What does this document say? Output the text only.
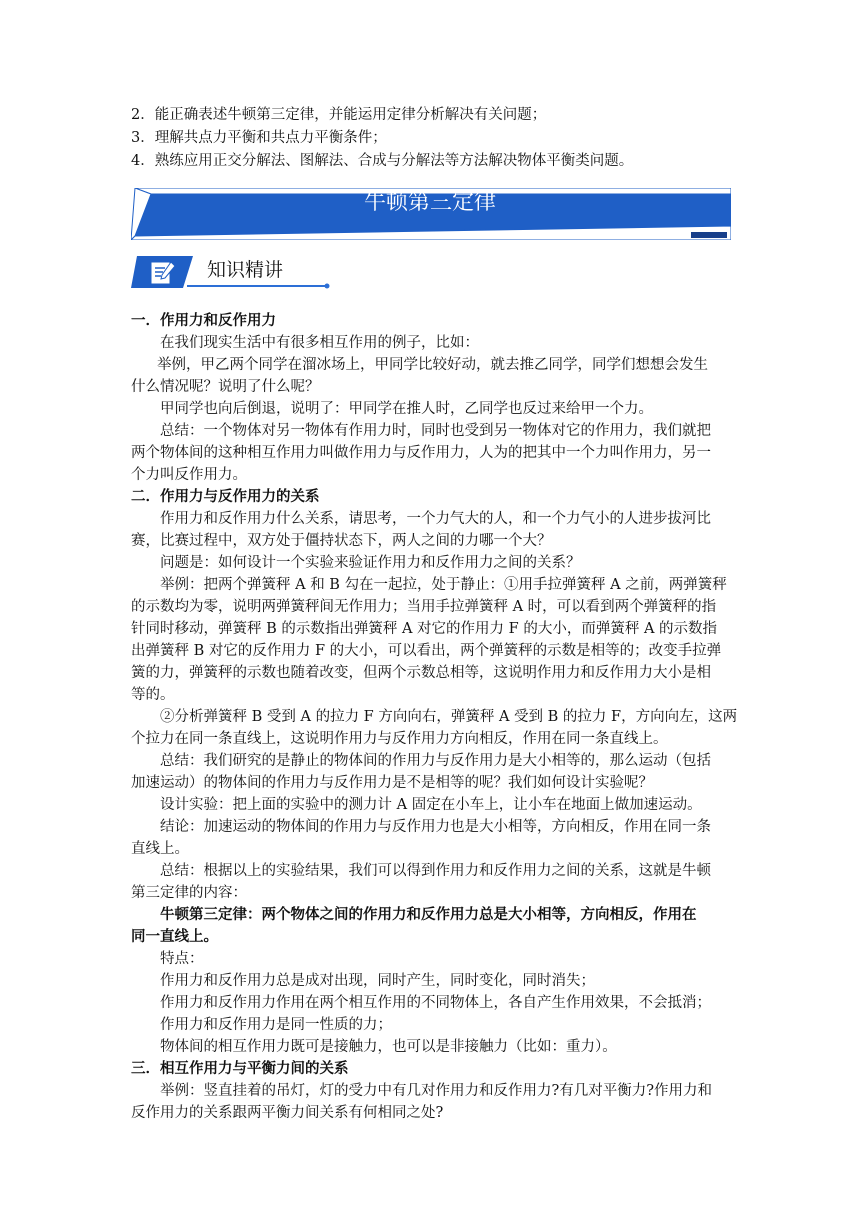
2．能正确表述牛顿第三定律，并能运用定律分析解决有关问题；
3．理解共点力平衡和共点力平衡条件；
4．熟练应用正交分解法、图解法、合成与分解法等方法解决物体平衡类问题。
牛顿第三定律
知识精讲
一．作用力和反作用力
在我们现实生活中有很多相互作用的例子，比如：
举例，甲乙两个同学在溜冰场上，甲同学比较好动，就去推乙同学，同学们想想会发生
什么情况呢？说明了什么呢？
甲同学也向后倒退，说明了：甲同学在推人时，乙同学也反过来给甲一个力。
总结：一个物体对另一物体有作用力时，同时也受到另一物体对它的作用力，我们就把
两个物体间的这种相互作用力叫做作用力与反作用力，人为的把其中一个力叫作用力，另一
个力叫反作用力。
二．作用力与反作用力的关系
作用力和反作用力什么关系，请思考，一个力气大的人，和一个力气小的人进步拔河比
赛，比赛过程中，双方处于僵持状态下，两人之间的力哪一个大？
问题是：如何设计一个实验来验证作用力和反作用力之间的关系？
举例：把两个弹簧秤 A 和 B 勾在一起拉，处于静止：①用手拉弹簧秤 A 之前，两弹簧秤
的示数均为零，说明两弹簧秤间无作用力；当用手拉弹簧秤 A 时，可以看到两个弹簧秤的指
针同时移动，弹簧秤 B 的示数指出弹簧秤 A 对它的作用力 F 的大小，而弹簧秤 A 的示数指
出弹簧秤 B 对它的反作用力 F 的大小，可以看出，两个弹簧秤的示数是相等的；改变手拉弹
簧的力，弹簧秤的示数也随着改变，但两个示数总相等，这说明作用力和反作用力大小是相
等的。
②分析弹簧秤 B 受到 A 的拉力 F 方向向右，弹簧秤 A 受到 B 的拉力 F，方向向左，这两
个拉力在同一条直线上，这说明作用力与反作用力方向相反，作用在同一条直线上。
总结：我们研究的是静止的物体间的作用力与反作用力是大小相等的，那么运动（包括
加速运动）的物体间的作用力与反作用力是不是相等的呢？我们如何设计实验呢？
设计实验：把上面的实验中的测力计 A 固定在小车上，让小车在地面上做加速运动。
结论：加速运动的物体间的作用力与反作用力也是大小相等，方向相反，作用在同一条
直线上。
总结：根据以上的实验结果，我们可以得到作用力和反作用力之间的关系，这就是牛顿
第三定律的内容：
牛顿第三定律：两个物体之间的作用力和反作用力总是大小相等，方向相反，作用在
同一直线上。
特点：
作用力和反作用力总是成对出现，同时产生，同时变化，同时消失；
作用力和反作用力作用在两个相互作用的不同物体上，各自产生作用效果，不会抵消；
作用力和反作用力是同一性质的力；
物体间的相互作用力既可是接触力，也可以是非接触力（比如：重力）。
三．相互作用力与平衡力间的关系
举例：竖直挂着的吊灯，灯的受力中有几对作用力和反作用力?有几对平衡力?作用力和
反作用力的关系跟两平衡力间关系有何相同之处?
